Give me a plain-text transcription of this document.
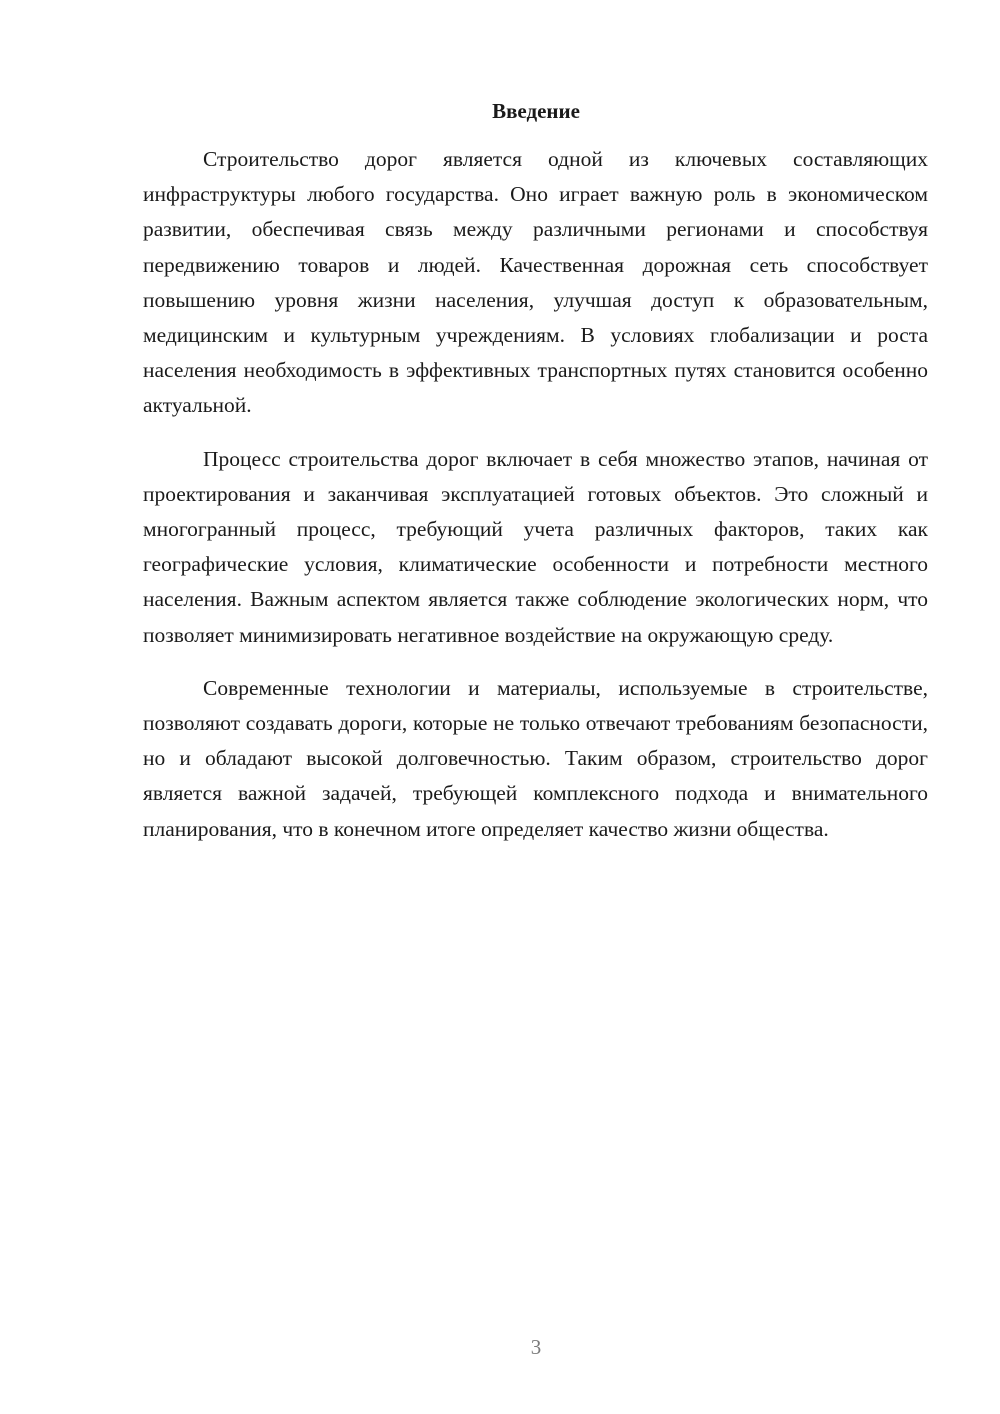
Введение

Строительство дорог является одной из ключевых составляющих инфраструктуры любого государства. Оно играет важную роль в экономическом развитии, обеспечивая связь между различными регионами и способствуя передвижению товаров и людей. Качественная дорожная сеть способствует повышению уровня жизни населения, улучшая доступ к образовательным, медицинским и культурным учреждениям. В условиях глобализации и роста населения необходимость в эффективных транспортных путях становится особенно актуальной.

Процесс строительства дорог включает в себя множество этапов, начиная от проектирования и заканчивая эксплуатацией готовых объектов. Это сложный и многогранный процесс, требующий учета различных факторов, таких как географические условия, климатические особенности и потребности местного населения. Важным аспектом является также соблюдение экологических норм, что позволяет минимизировать негативное воздействие на окружающую среду.

Современные технологии и материалы, используемые в строительстве, позволяют создавать дороги, которые не только отвечают требованиям безопасности, но и обладают высокой долговечностью. Таким образом, строительство дорог является важной задачей, требующей комплексного подхода и внимательного планирования, что в конечном итоге определяет качество жизни общества.

3
